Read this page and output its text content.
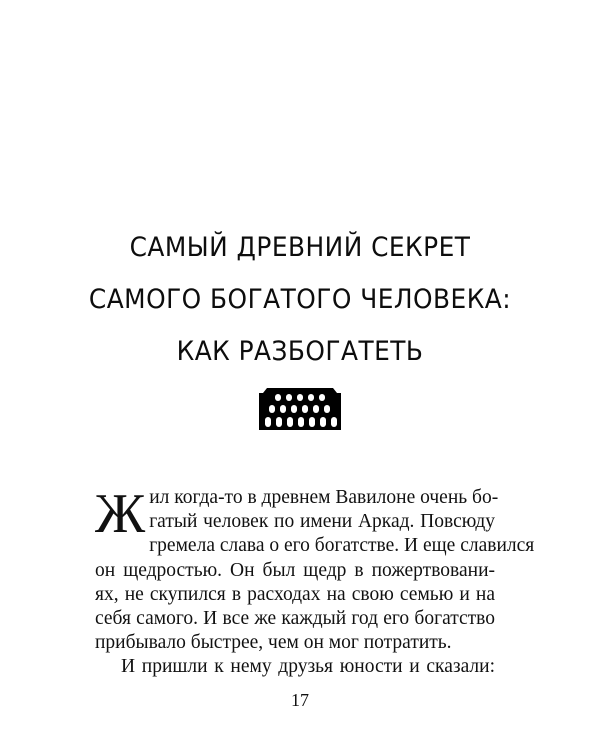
САМЫЙ ДРЕВНИЙ СЕКРЕТ
САМОГО БОГАТОГО ЧЕЛОВЕКА:
КАК РАЗБОГАТЕТЬ
Ж ил когда-то в древнем Вавилоне очень бо-
гатый человек по имени Аркад. Повсюду
гремела слава о его богатстве. И еще славился
он щедростью. Он был щедр в пожертвовани-
ях, не скупился в расходах на свою семью и на
себя самого. И все же каждый год его богатство
прибывало быстрее, чем он мог потратить.
И пришли к нему друзья юности и сказали:
17
